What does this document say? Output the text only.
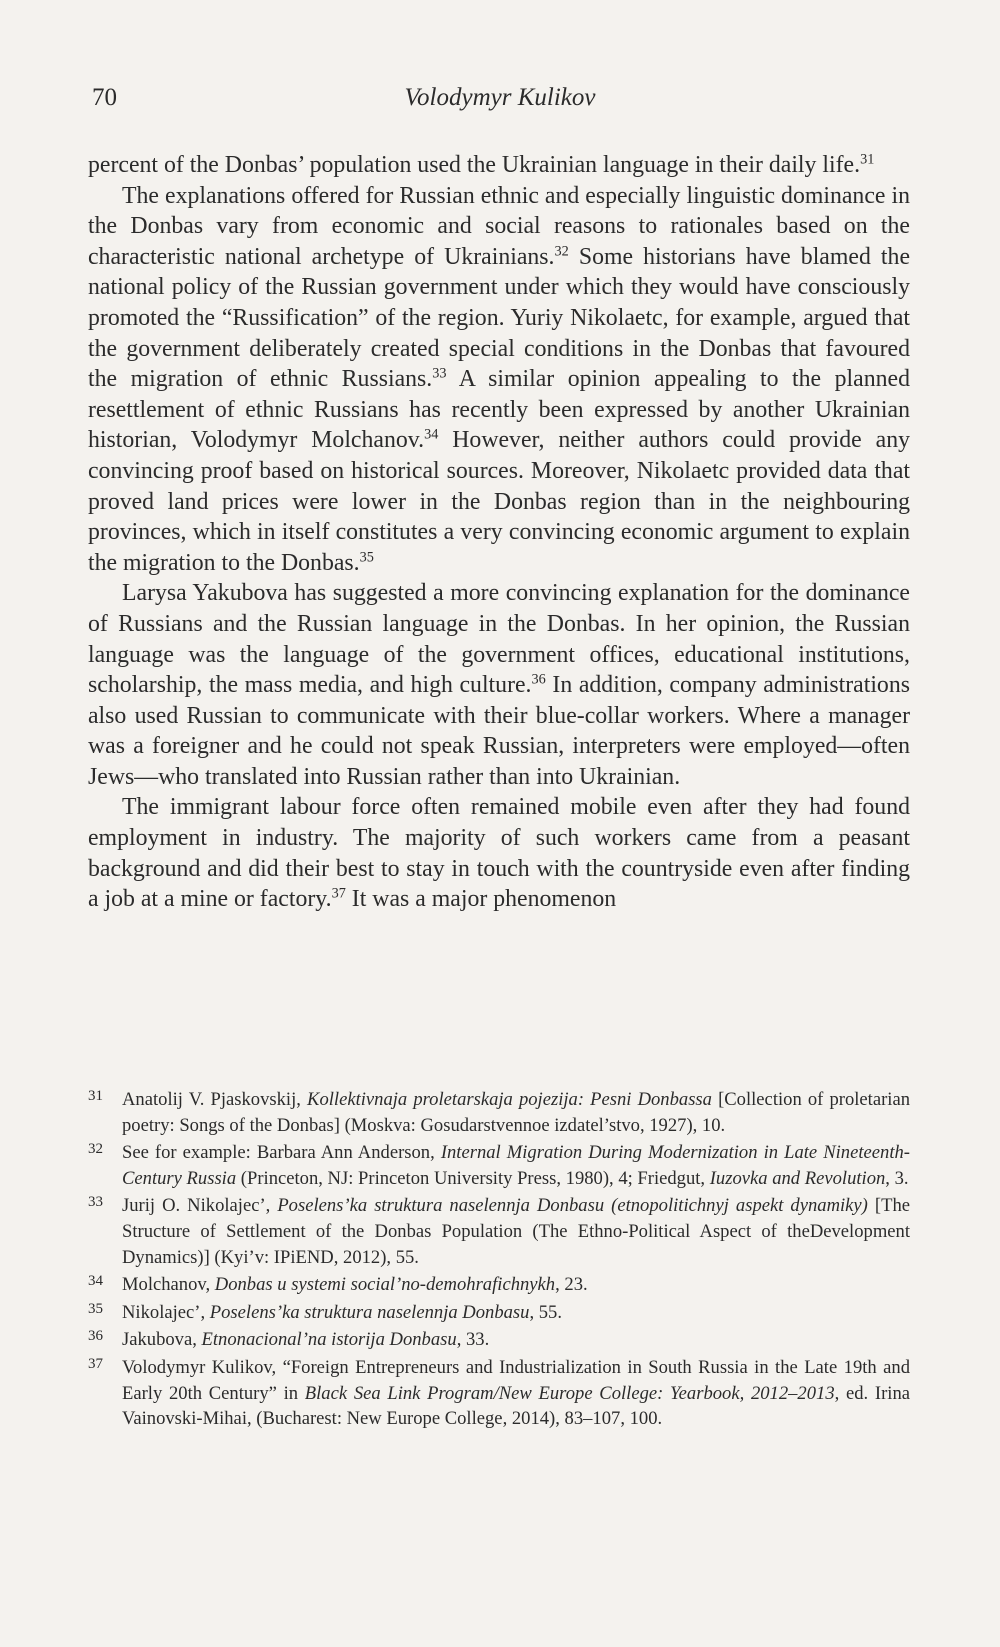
70	Volodymyr Kulikov

percent of the Donbas’ population used the Ukrainian language in their daily life.$^{31}$

The explanations offered for Russian ethnic and especially linguistic dominance in the Donbas vary from economic and social reasons to rationales based on the characteristic national archetype of Ukrainians.$^{32}$ Some historians have blamed the national policy of the Russian government under which they would have consciously promoted the “Russification” of the region. Yuriy Nikolaetc, for example, argued that the government deliberately created special conditions in the Donbas that favoured the migration of ethnic Russians.$^{33}$ A similar opinion appealing to the planned resettlement of ethnic Russians has recently been expressed by another Ukrainian historian, Volodymyr Molchanov.$^{34}$ However, neither authors could provide any convincing proof based on historical sources. Moreover, Nikolaetc provided data that proved land prices were lower in the Donbas region than in the neighbouring provinces, which in itself constitutes a very convincing economic argument to explain the migration to the Donbas.$^{35}$

Larysa Yakubova has suggested a more convincing explanation for the dominance of Russians and the Russian language in the Donbas. In her opinion, the Russian language was the language of the government offices, educational institutions, scholarship, the mass media, and high culture.$^{36}$ In addition, company administrations also used Russian to communicate with their blue-collar workers. Where a manager was a foreigner and he could not speak Russian, interpreters were employed—often Jews—who translated into Russian rather than into Ukrainian.

The immigrant labour force often remained mobile even after they had found employment in industry. The majority of such workers came from a peasant background and did their best to stay in touch with the countryside even after finding a job at a mine or factory.$^{37}$ It was a major phenomenon

31 Anatolij V. Pjaskovskij, Kollektivnaja proletarskaja pojezija: Pesni Donbassa [Collection of proletarian poetry: Songs of the Donbas] (Moskva: Gosudarstvennoe izdatel’stvo, 1927), 10.
32 See for example: Barbara Ann Anderson, Internal Migration During Modernization in Late Nineteenth-Century Russia (Princeton, NJ: Princeton University Press, 1980), 4; Friedgut, Iuzovka and Revolution, 3.
33 Jurij O. Nikolajec’, Poselens’ka struktura naselennja Donbasu (etnopolitichnyj aspekt dynamiky) [The Structure of Settlement of the Donbas Population (The Ethno-Political Aspect of theDevelopment Dynamics)] (Kyi’v: IPiEND, 2012), 55.
34 Molchanov, Donbas u systemi social’no-demohrafichnykh, 23.
35 Nikolajec’, Poselens’ka struktura naselennja Donbasu, 55.
36 Jakubova, Etnonacional’na istorija Donbasu, 33.
37 Volodymyr Kulikov, “Foreign Entrepreneurs and Industrialization in South Russia in the Late 19th and Early 20th Century” in Black Sea Link Program/New Europe College: Yearbook, 2012–2013, ed. Irina Vainovski-Mihai, (Bucharest: New Europe College, 2014), 83–107, 100.
